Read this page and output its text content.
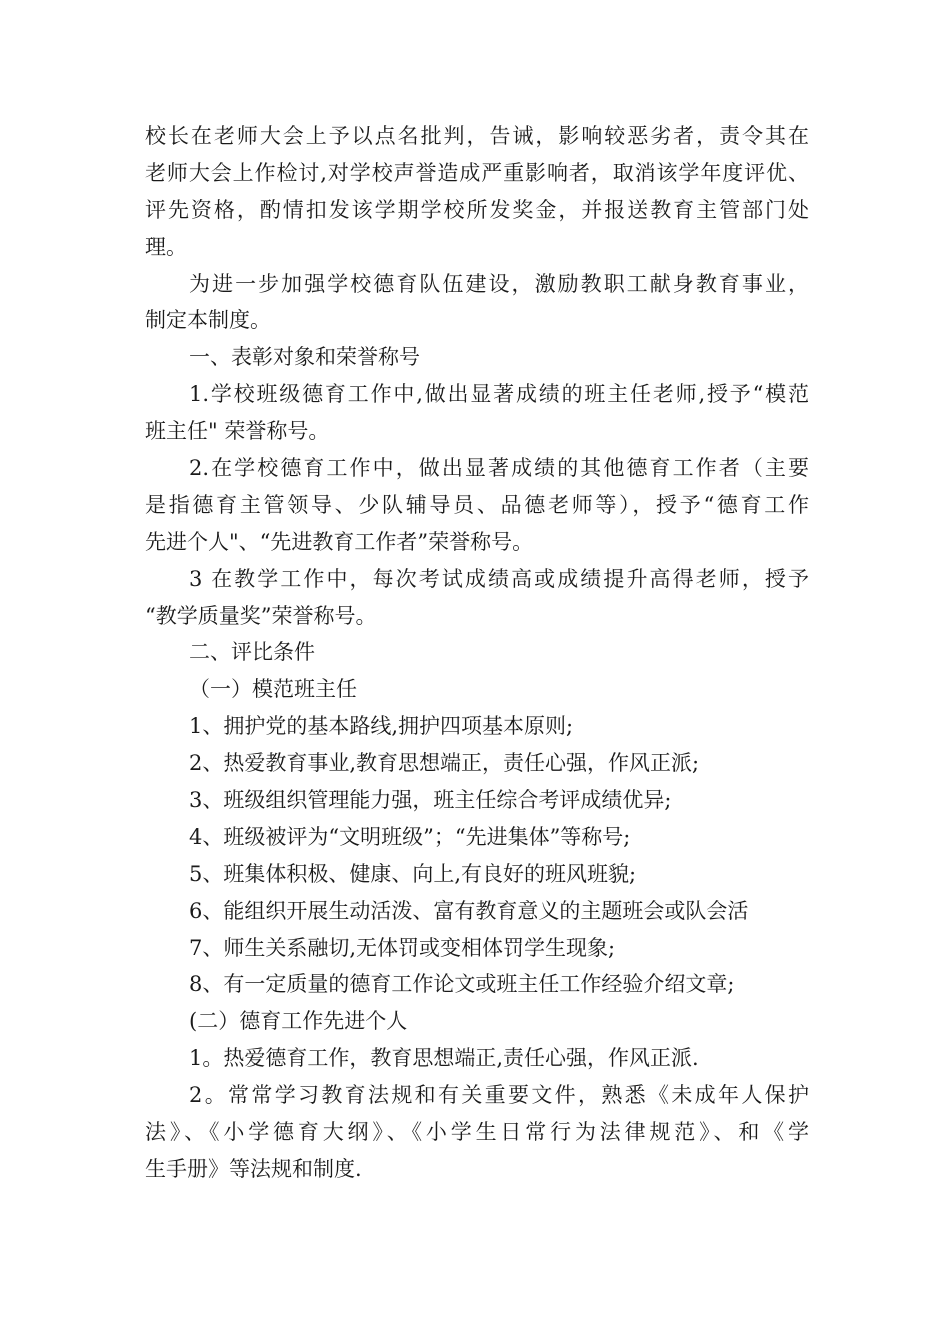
校长在老师大会上予以点名批判，告诫，影响较恶劣者，责令其在
老师大会上作检讨,对学校声誉造成严重影响者，取消该学年度评优、
评先资格，酌情扣发该学期学校所发奖金，并报送教育主管部门处
理。
为进一步加强学校德育队伍建设，激励教职工献身教育事业，
制定本制度。
一、表彰对象和荣誉称号
1.学校班级德育工作中,做出显著成绩的班主任老师,授予“模范
班主任" 荣誉称号。
2.在学校德育工作中，做出显著成绩的其他德育工作者（主要
是指德育主管领导、少队辅导员、品德老师等），授予“德育工作
先进个人"、“先进教育工作者”荣誉称号。
3 在教学工作中，每次考试成绩高或成绩提升高得老师，授予
“教学质量奖”荣誉称号。
二、评比条件
（一）模范班主任
1、拥护党的基本路线,拥护四项基本原则;
2、热爱教育事业,教育思想端正，责任心强，作风正派;
3、班级组织管理能力强，班主任综合考评成绩优异;
4、班级被评为“文明班级”；“先进集体”等称号;
5、班集体积极、健康、向上,有良好的班风班貌;
6、能组织开展生动活泼、富有教育意义的主题班会或队会活
7、师生关系融切,无体罚或变相体罚学生现象;
8、有一定质量的德育工作论文或班主任工作经验介绍文章;
(二）德育工作先进个人
1。热爱德育工作，教育思想端正,责任心强，作风正派.
2。常常学习教育法规和有关重要文件，熟悉《未成年人保护
法》、《小学德育大纲》、《小学生日常行为法律规范》、和《学
生手册》等法规和制度.
